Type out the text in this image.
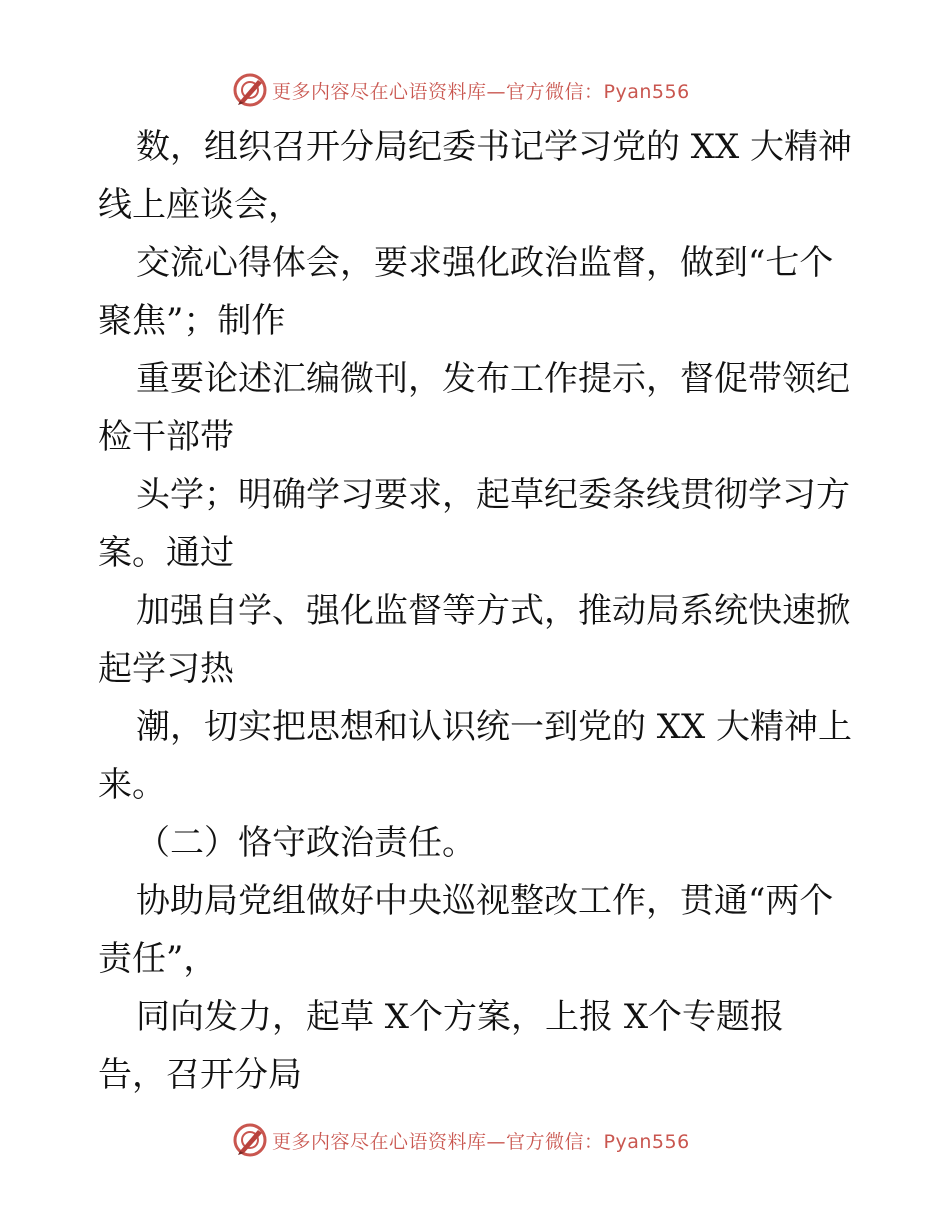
更多内容尽在心语资料库—官方微信：Pyan556
数，组织召开分局纪委书记学习党的 XX 大精神
线上座谈会，
交流心得体会，要求强化政治监督，做到“七个
聚焦”；制作
重要论述汇编微刊，发布工作提示，督促带领纪
检干部带
头学；明确学习要求，起草纪委条线贯彻学习方
案。通过
加强自学、强化监督等方式，推动局系统快速掀
起学习热
潮，切实把思想和认识统一到党的 XX 大精神上
来。
（二）恪守政治责任。
协助局党组做好中央巡视整改工作，贯通“两个
责任”，
同向发力，起草 X个方案，上报 X个专题报
告，召开分局
更多内容尽在心语资料库—官方微信：Pyan556
